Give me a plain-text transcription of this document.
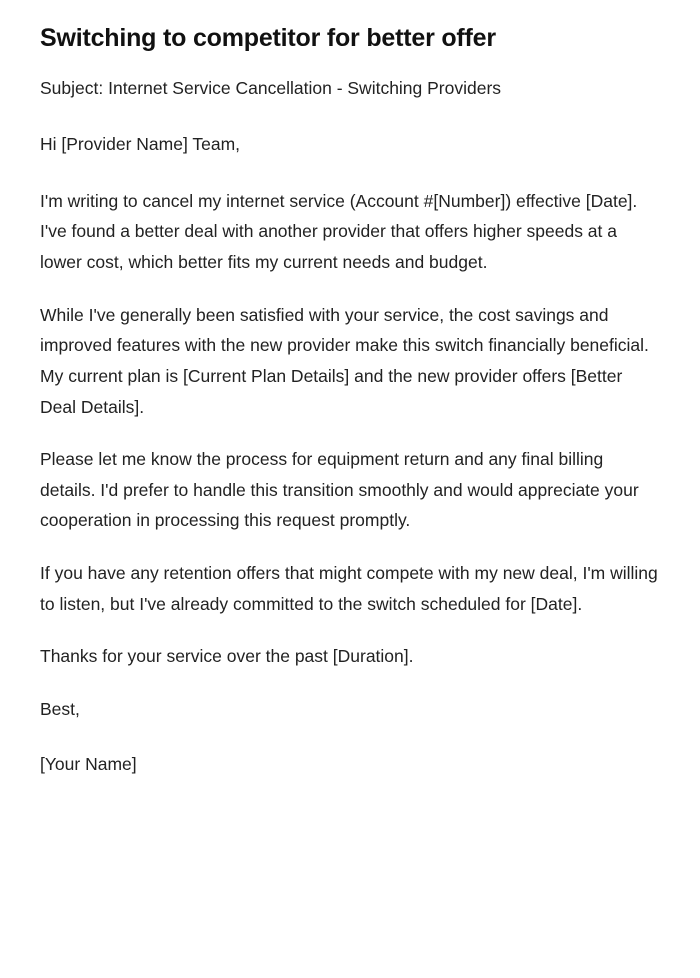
Switching to competitor for better offer

Subject: Internet Service Cancellation - Switching Providers

Hi [Provider Name] Team,

I'm writing to cancel my internet service (Account #[Number]) effective [Date]. I've found a better deal with another provider that offers higher speeds at a lower cost, which better fits my current needs and budget.

While I've generally been satisfied with your service, the cost savings and improved features with the new provider make this switch financially beneficial. My current plan is [Current Plan Details] and the new provider offers [Better Deal Details].

Please let me know the process for equipment return and any final billing details. I'd prefer to handle this transition smoothly and would appreciate your cooperation in processing this request promptly.

If you have any retention offers that might compete with my new deal, I'm willing to listen, but I've already committed to the switch scheduled for [Date].

Thanks for your service over the past [Duration].

Best,

[Your Name]
